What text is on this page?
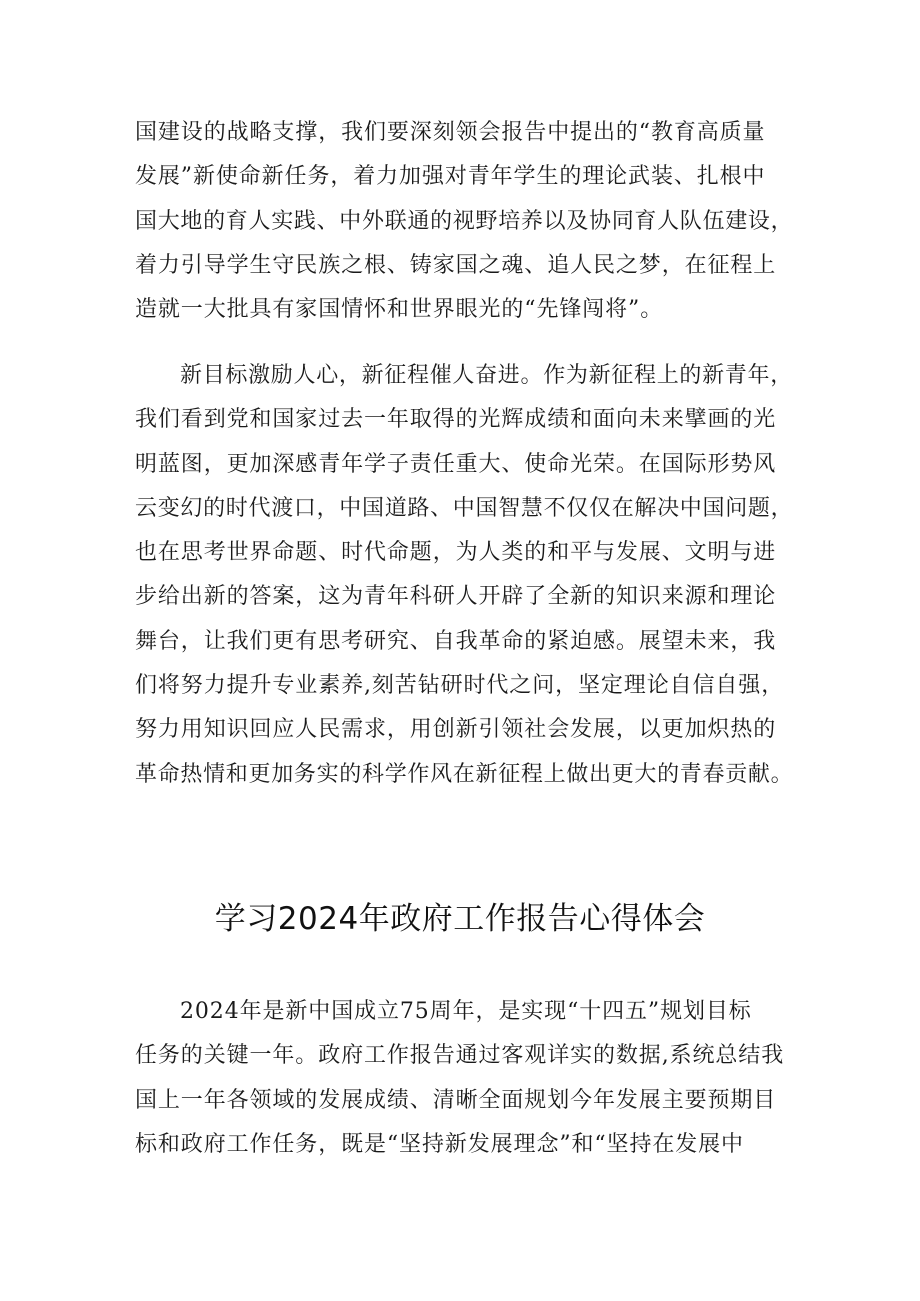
国建设的战略支撑，我们要深刻领会报告中提出的“教育高质量
发展”新使命新任务，着力加强对青年学生的理论武装、扎根中
国大地的育人实践、中外联通的视野培养以及协同育人队伍建设，
着力引导学生守民族之根、铸家国之魂、追人民之梦，在征程上
造就一大批具有家国情怀和世界眼光的“先锋闯将”。

新目标激励人心，新征程催人奋进。作为新征程上的新青年，
我们看到党和国家过去一年取得的光辉成绩和面向未来擘画的光
明蓝图，更加深感青年学子责任重大、使命光荣。在国际形势风
云变幻的时代渡口，中国道路、中国智慧不仅仅在解决中国问题，
也在思考世界命题、时代命题，为人类的和平与发展、文明与进
步给出新的答案，这为青年科研人开辟了全新的知识来源和理论
舞台，让我们更有思考研究、自我革命的紧迫感。展望未来，我
们将努力提升专业素养,刻苦钻研时代之问，坚定理论自信自强，
努力用知识回应人民需求，用创新引领社会发展，以更加炽热的
革命热情和更加务实的科学作风在新征程上做出更大的青春贡献。

学习2024年政府工作报告心得体会

2024年是新中国成立75周年，是实现“十四五”规划目标
任务的关键一年。政府工作报告通过客观详实的数据,系统总结我
国上一年各领域的发展成绩、清晰全面规划今年发展主要预期目
标和政府工作任务，既是“坚持新发展理念”和“坚持在发展中
